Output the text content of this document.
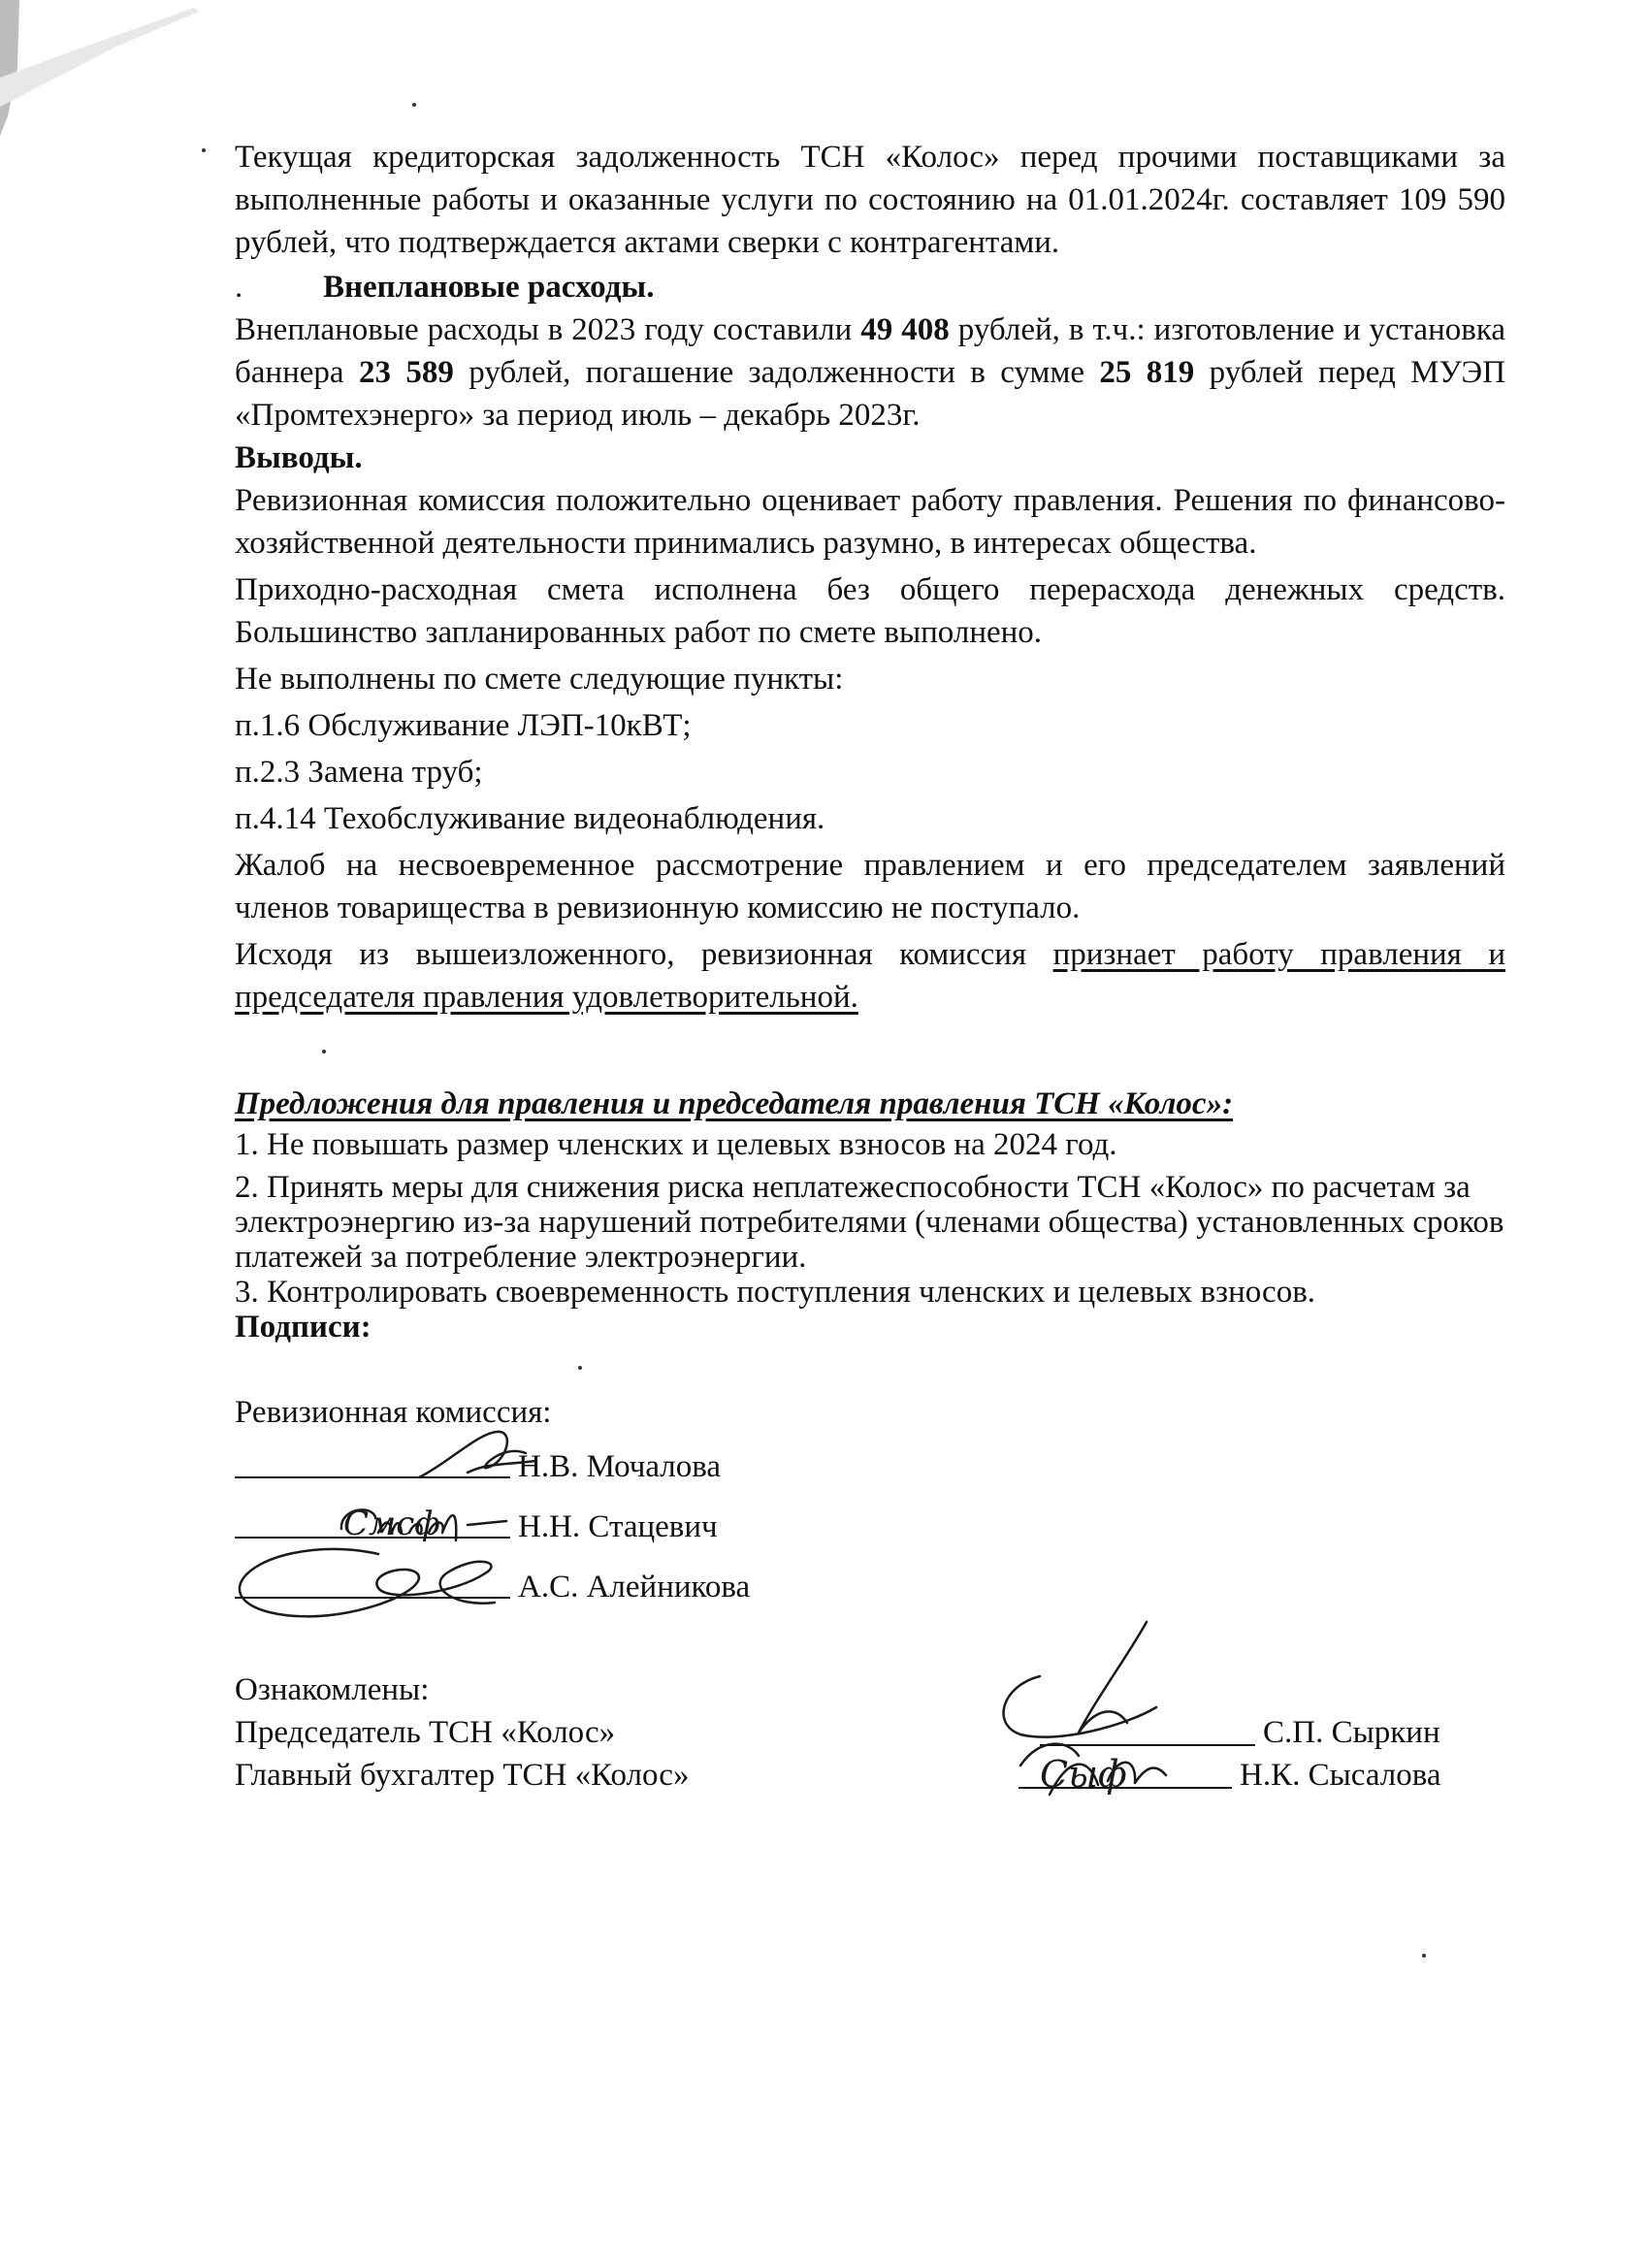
Текущая кредиторская задолженность ТСН «Колос» перед прочими поставщиками за выполненные работы и оказанные услуги по состоянию на 01.01.2024г. составляет 109 590 рублей, что подтверждается актами сверки с контрагентами.

.	Внеплановые расходы.

Внеплановые расходы в 2023 году составили 49 408 рублей, в т.ч.: изготовление и установка баннера 23 589 рублей, погашение задолженности в сумме 25 819 рублей перед МУЭП «Промтехэнерго» за период июль – декабрь 2023г.

Выводы.

Ревизионная комиссия положительно оценивает работу правления. Решения по финансово-хозяйственной деятельности принимались разумно, в интересах общества.

Приходно-расходная смета исполнена без общего перерасхода денежных средств. Большинство запланированных работ по смете выполнено.

Не выполнены по смете следующие пункты:

п.1.6 Обслуживание ЛЭП-10кВТ;

п.2.3 Замена труб;

п.4.14 Техобслуживание видеонаблюдения.

Жалоб на несвоевременное рассмотрение правлением и его председателем заявлений членов товарищества в ревизионную комиссию не поступало.

Исходя из вышеизложенного, ревизионная комиссия признает работу правления и председателя правления удовлетворительной.

Предложения для правления и председателя правления ТСН «Колос»:

1. Не повышать размер членских и целевых взносов на 2024 год.

2. Принять меры для снижения риска неплатежеспособности ТСН «Колос» по расчетам за электроэнергию из-за нарушений потребителями (членами общества) установленных сроков платежей за потребление электроэнергии.

3. Контролировать своевременность поступления членских и целевых взносов.

Подписи:

Ревизионная комиссия:

Н.В. Мочалова
Н.Н. Стацевич
Смсф
А.С. Алейникова

Ознакомлены:

Председатель ТСН «Колос»

Главный бухгалтер ТСН «Колос»

С.П. Сыркин
Н.К. Сысалова
Сыф
